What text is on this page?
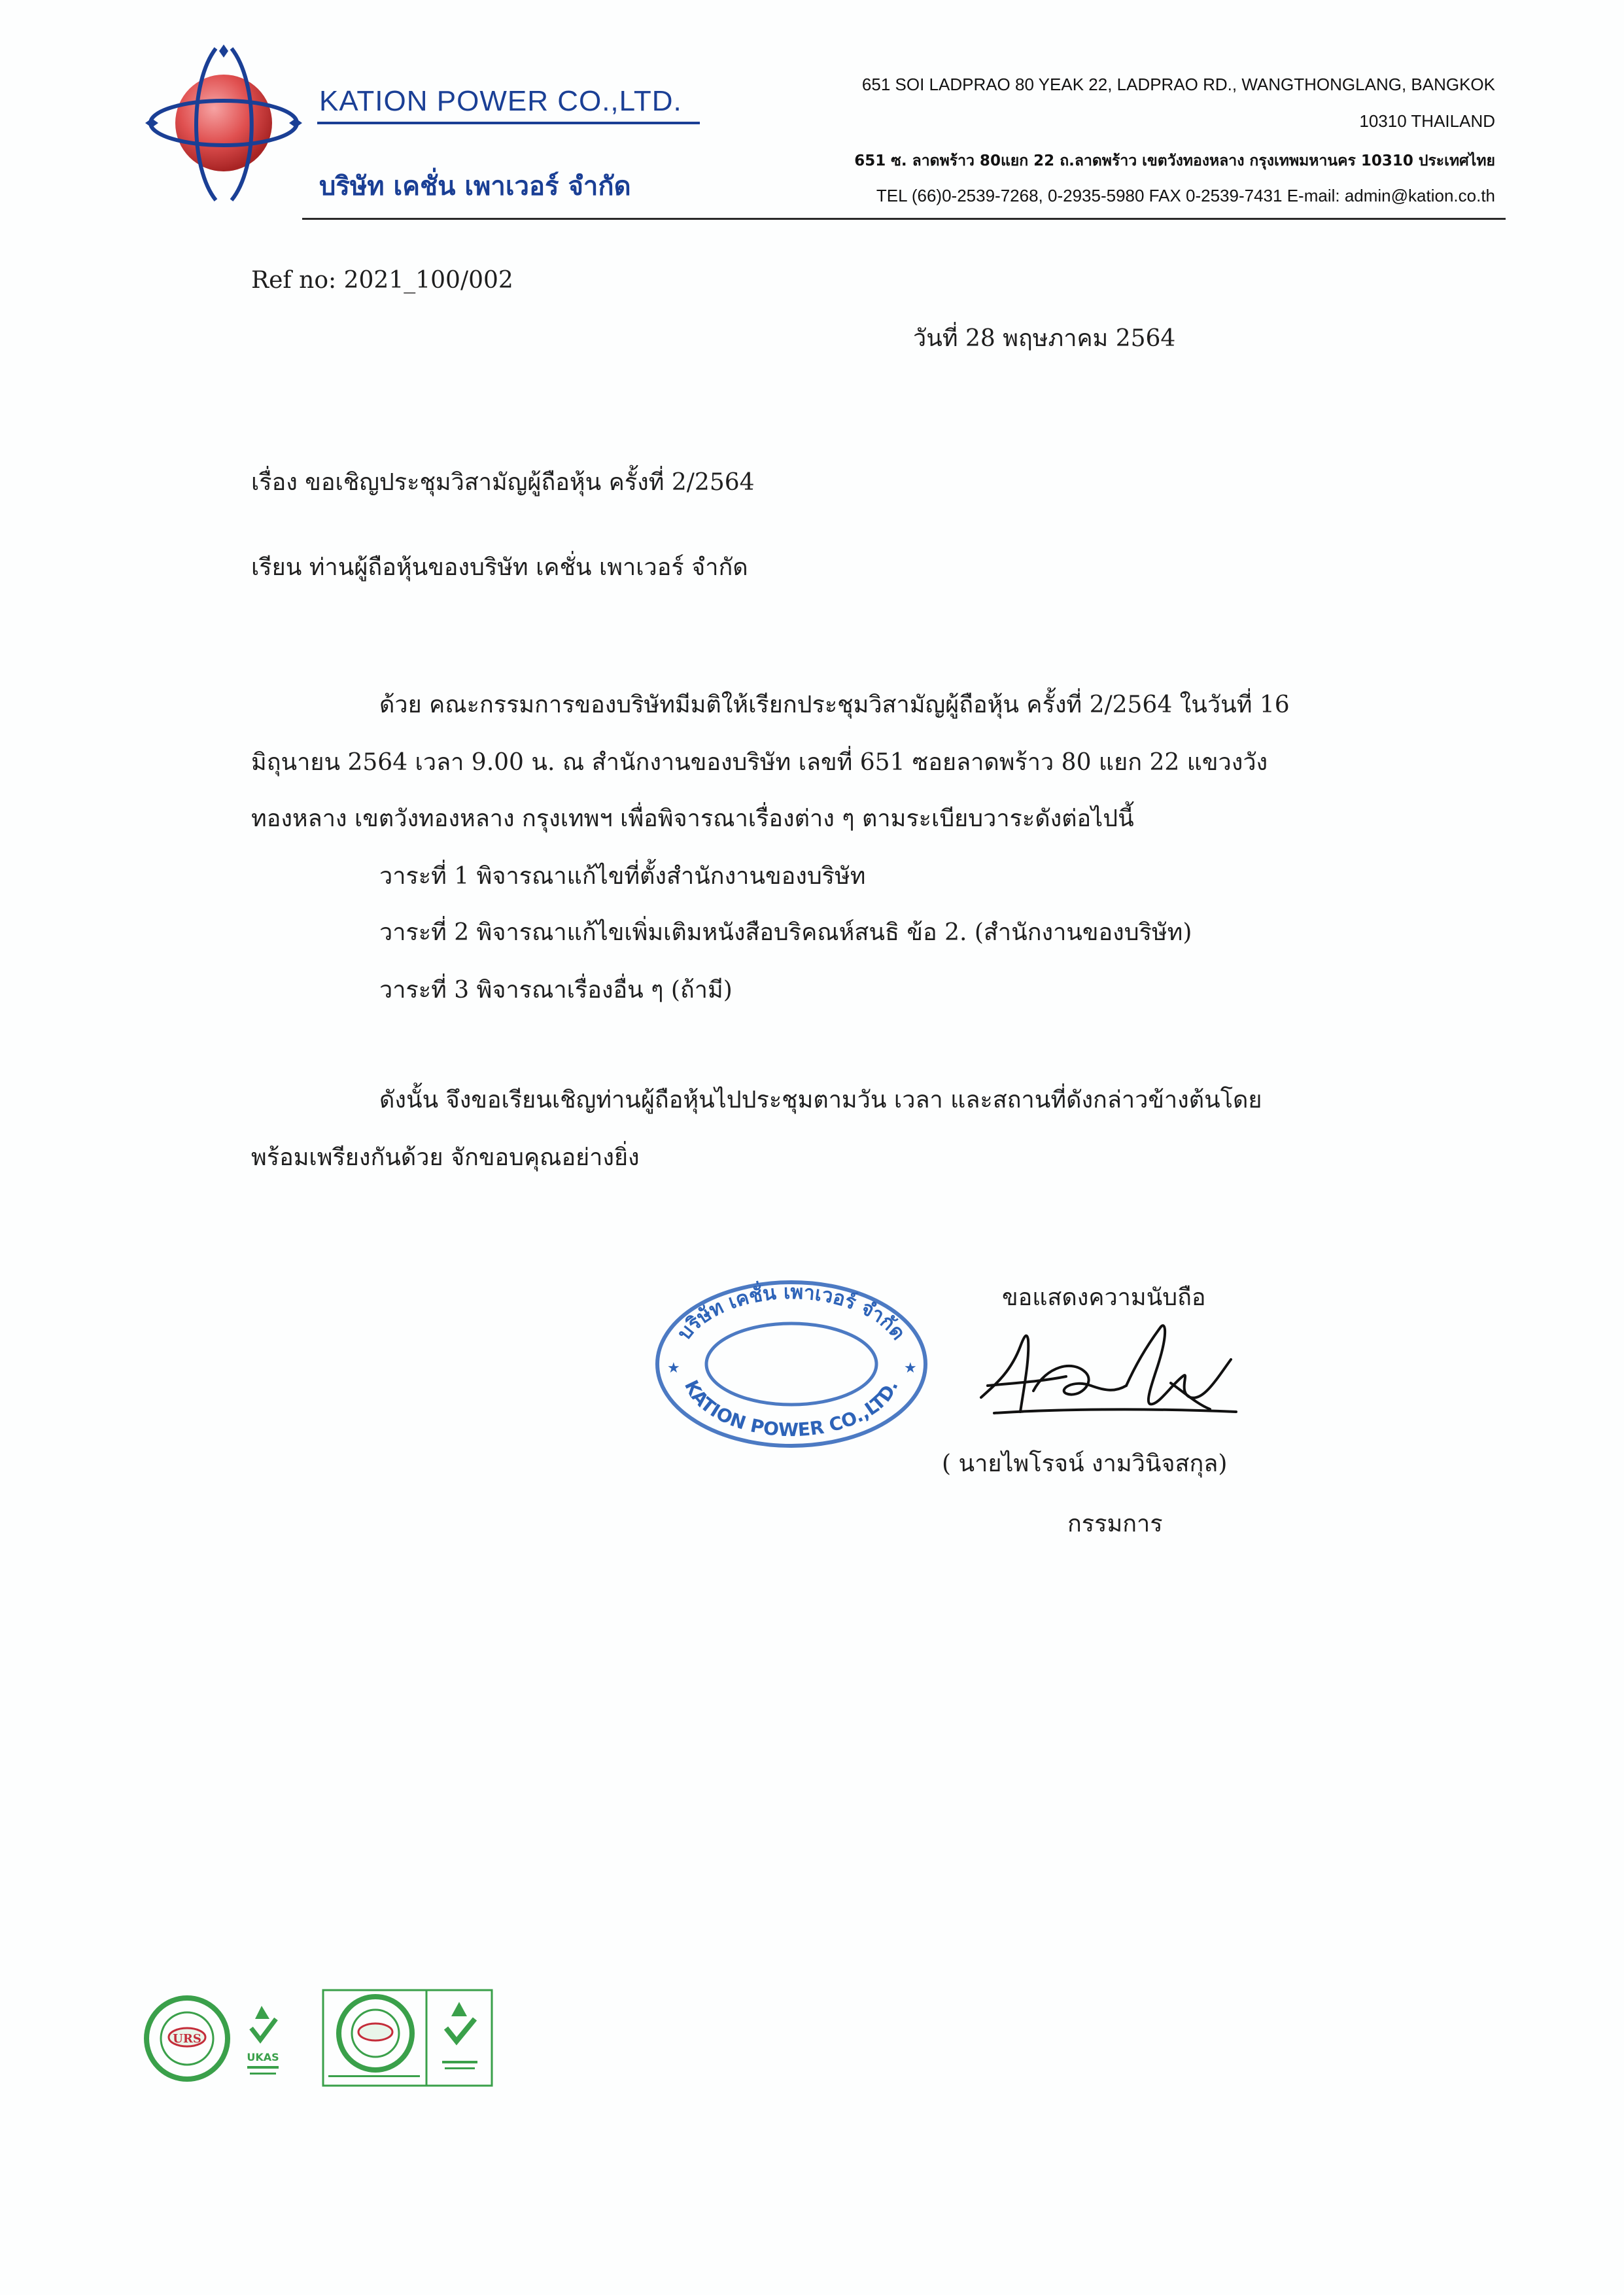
KATION POWER CO.,LTD.
บริษัท เคชั่น เพาเวอร์ จำกัด
651 SOI LADPRAO 80 YEAK 22, LADPRAO RD., WANGTHONGLANG, BANGKOK
10310 THAILAND
651 ซ. ลาดพร้าว 80แยก 22 ถ.ลาดพร้าว เขตวังทองหลาง กรุงเทพมหานคร 10310 ประเทศไทย
TEL (66)0-2539-7268, 0-2935-5980 FAX 0-2539-7431 E-mail: admin@kation.co.th
Ref no: 2021_100/002
วันที่ 28 พฤษภาคม 2564
เรื่อง ขอเชิญประชุมวิสามัญผู้ถือหุ้น ครั้งที่ 2/2564
เรียน ท่านผู้ถือหุ้นของบริษัท เคชั่น เพาเวอร์ จำกัด
ด้วย คณะกรรมการของบริษัทมีมติให้เรียกประชุมวิสามัญผู้ถือหุ้น ครั้งที่ 2/2564 ในวันที่ 16
มิถุนายน 2564 เวลา 9.00 น. ณ สำนักงานของบริษัท เลขที่ 651 ซอยลาดพร้าว 80 แยก 22 แขวงวัง
ทองหลาง เขตวังทองหลาง กรุงเทพฯ เพื่อพิจารณาเรื่องต่าง ๆ ตามระเบียบวาระดังต่อไปนี้
วาระที่ 1 พิจารณาแก้ไขที่ตั้งสำนักงานของบริษัท
วาระที่ 2 พิจารณาแก้ไขเพิ่มเติมหนังสือบริคณห์สนธิ ข้อ 2. (สำนักงานของบริษัท)
วาระที่ 3 พิจารณาเรื่องอื่น ๆ (ถ้ามี)
ดังนั้น จึงขอเรียนเชิญท่านผู้ถือหุ้นไปประชุมตามวัน เวลา และสถานที่ดังกล่าวข้างต้นโดย
พร้อมเพรียงกันด้วย จักขอบคุณอย่างยิ่ง
ขอแสดงความนับถือ
บริษัท เคชั่น เพาเวอร์ จำกัด
KATION POWER CO.,LTD.
★	★
( นายไพโรจน์ งามวินิจสกุล)
กรรมการ
URS
UKAS
